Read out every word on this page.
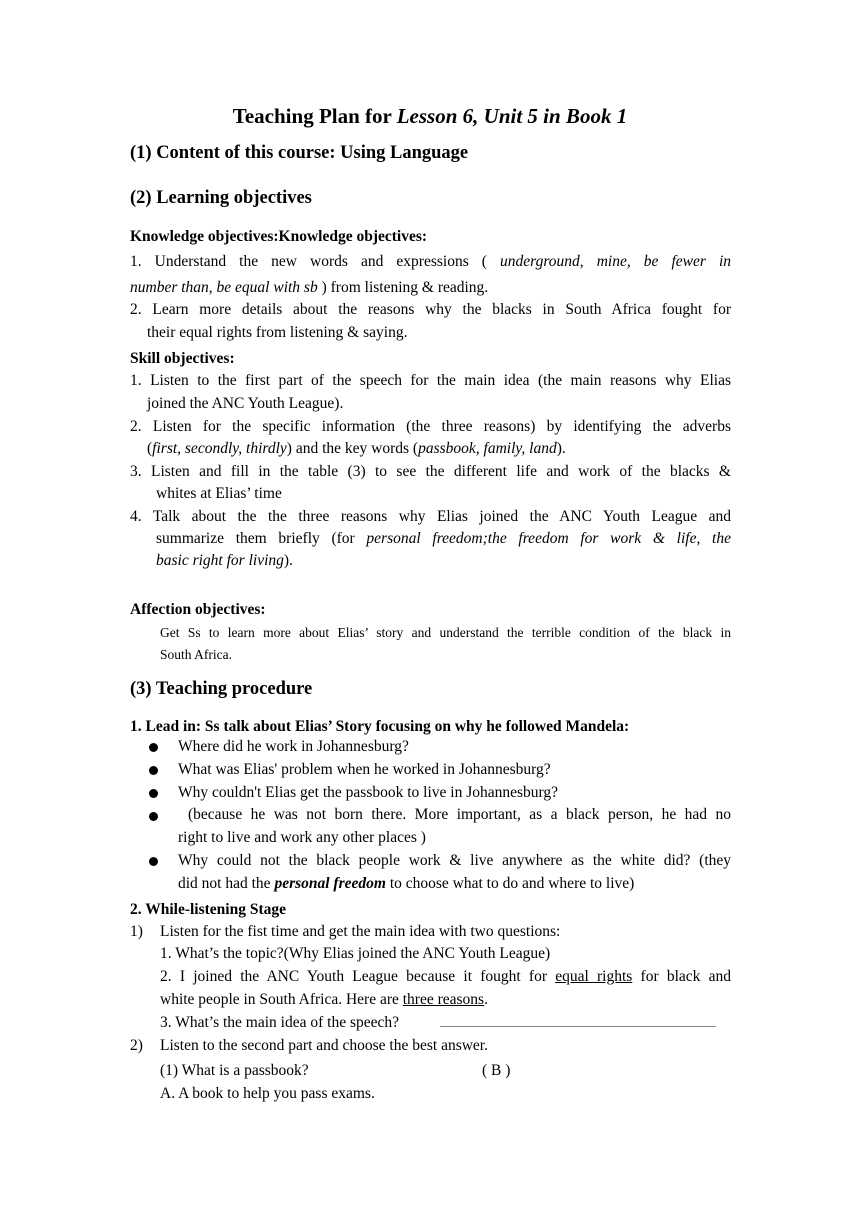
Teaching Plan for Lesson 6, Unit 5 in Book 1
(1) Content of this course: Using Language
(2) Learning objectives
Knowledge objectives:Knowledge objectives:
1. Understand the new words and expressions ( underground, mine, be fewer in
number than, be equal with sb ) from listening & reading.
2. Learn more details about the reasons why the blacks in South Africa fought for
their equal rights from listening & saying.
Skill objectives:
1. Listen to the first part of the speech for the main idea (the main reasons why Elias
joined the ANC Youth League).
2. Listen for the specific information (the three reasons) by identifying the adverbs
(first, secondly, thirdly) and the key words (passbook, family, land).
3. Listen and fill in the table (3) to see the different life and work of the blacks &
whites at Elias’ time
4. Talk about the the three reasons why Elias joined the ANC Youth League and
summarize them briefly (for personal freedom;the freedom for work & life, the
basic right for living).
Affection objectives:
Get Ss to learn more about Elias’ story and understand the terrible condition of the black in
South Africa.
(3) Teaching procedure
1. Lead in: Ss talk about Elias’ Story focusing on why he followed Mandela:
Where did he work in Johannesburg?
What was Elias' problem when he worked in Johannesburg?
Why couldn't Elias get the passbook to live in Johannesburg?
(because he was not born there. More important, as a black person, he had no
right to live and work any other places )
Why could not the black people work & live anywhere as the white did? (they
did not had the personal freedom to choose what to do and where to live)
2. While-listening Stage
1) Listen for the fist time and get the main idea with two questions:
1. What’s the topic?(Why Elias joined the ANC Youth League)
2. I joined the ANC Youth League because it fought for equal rights for black and
white people in South Africa. Here are three reasons.
3. What’s the main idea of the speech?
2) Listen to the second part and choose the best answer.
(1) What is a passbook?	( B )
A. A book to help you pass exams.
